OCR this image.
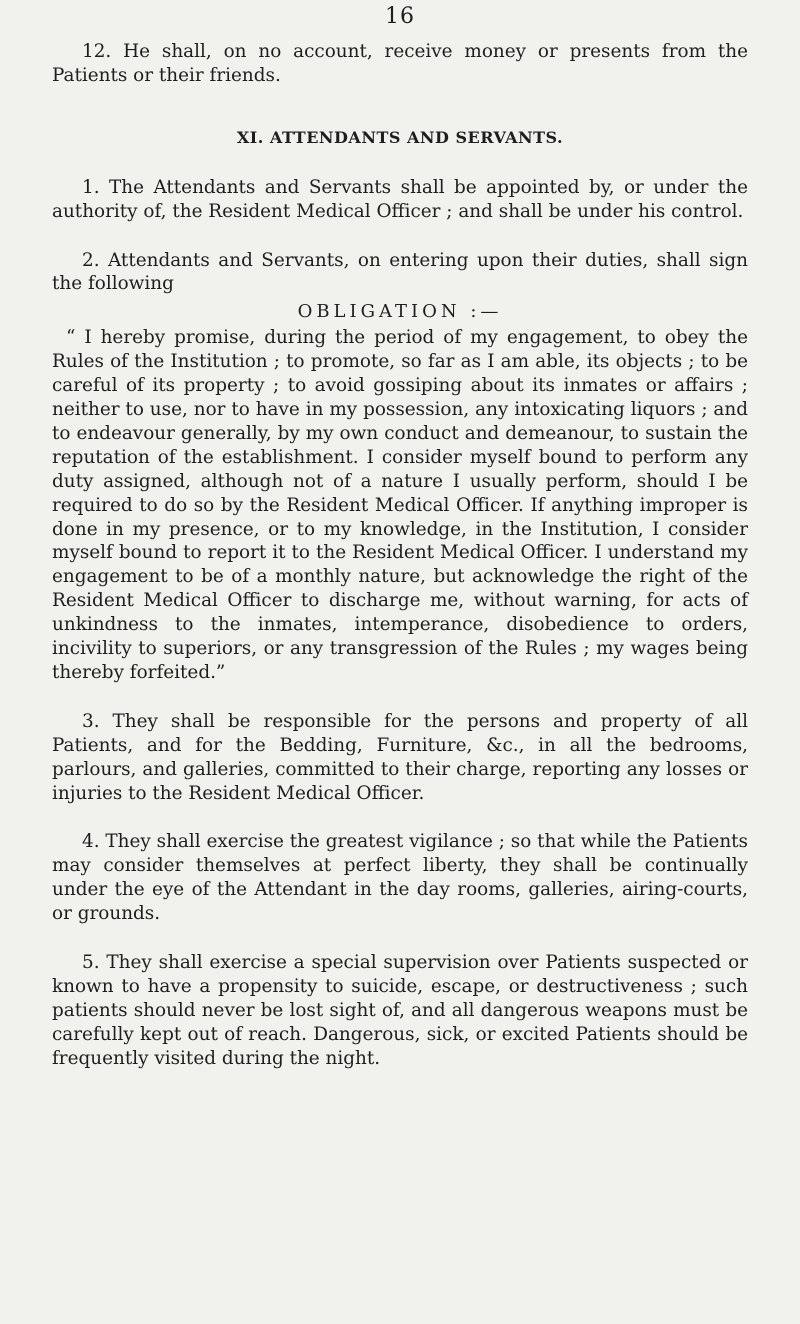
16

12. He shall, on no account, receive money or presents from the Patients or their friends.

XI. ATTENDANTS AND SERVANTS.

1. The Attendants and Servants shall be appointed by, or under the authority of, the Resident Medical Officer ; and shall be under his control.

2. Attendants and Servants, on entering upon their duties, shall sign the following

OBLIGATION :—

“ I hereby promise, during the period of my engagement, to obey the Rules of the Institution ; to promote, so far as I am able, its objects ; to be careful of its property ; to avoid gossiping about its inmates or affairs ; neither to use, nor to have in my possession, any intoxicating liquors ; and to endeavour generally, by my own conduct and demeanour, to sustain the reputation of the establishment. I consider myself bound to perform any duty assigned, although not of a nature I usually perform, should I be required to do so by the Resident Medical Officer. If anything improper is done in my presence, or to my knowledge, in the Institution, I consider myself bound to report it to the Resident Medical Officer. I understand my engagement to be of a monthly nature, but acknowledge the right of the Resident Medical Officer to discharge me, without warning, for acts of unkindness to the inmates, intemperance, disobedience to orders, incivility to superiors, or any transgression of the Rules ; my wages being thereby forfeited.”

3. They shall be responsible for the persons and property of all Patients, and for the Bedding, Furniture, &c., in all the bedrooms, parlours, and galleries, committed to their charge, reporting any losses or injuries to the Resident Medical Officer.

4. They shall exercise the greatest vigilance ; so that while the Patients may consider themselves at perfect liberty, they shall be continually under the eye of the Attendant in the day rooms, galleries, airing-courts, or grounds.

5. They shall exercise a special supervision over Patients suspected or known to have a propensity to suicide, escape, or destructiveness ; such patients should never be lost sight of, and all dangerous weapons must be carefully kept out of reach. Dangerous, sick, or excited Patients should be frequently visited during the night.
